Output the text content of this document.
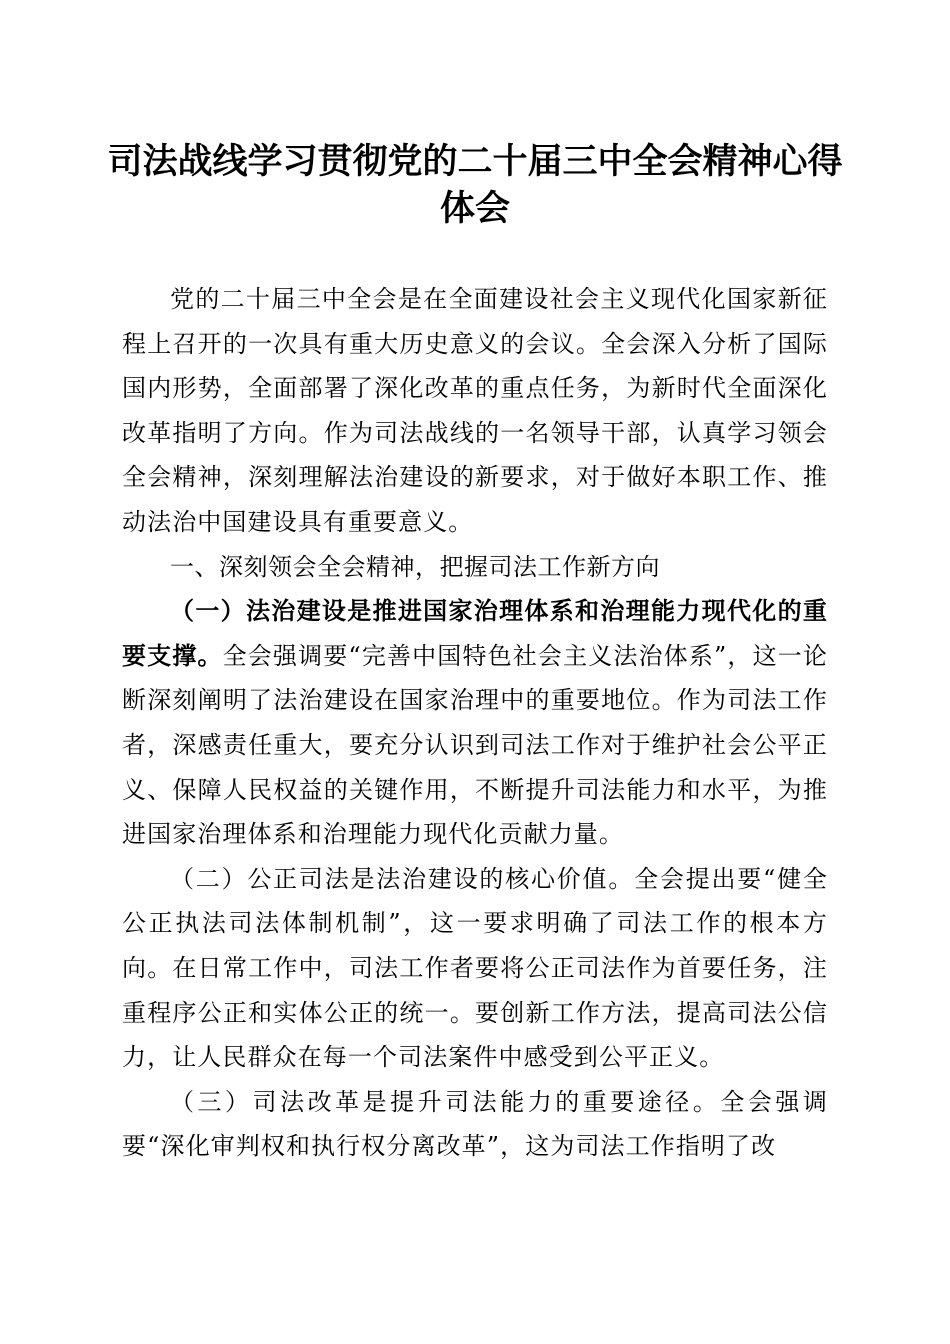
司法战线学习贯彻党的二十届三中全会精神心得体会

党的二十届三中全会是在全面建设社会主义现代化国家新征程上召开的一次具有重大历史意义的会议。全会深入分析了国际国内形势，全面部署了深化改革的重点任务，为新时代全面深化改革指明了方向。作为司法战线的一名领导干部，认真学习领会全会精神，深刻理解法治建设的新要求，对于做好本职工作、推动法治中国建设具有重要意义。

一、深刻领会全会精神，把握司法工作新方向

（一）法治建设是推进国家治理体系和治理能力现代化的重要支撑。全会强调要“完善中国特色社会主义法治体系”，这一论断深刻阐明了法治建设在国家治理中的重要地位。作为司法工作者，深感责任重大，要充分认识到司法工作对于维护社会公平正义、保障人民权益的关键作用，不断提升司法能力和水平，为推进国家治理体系和治理能力现代化贡献力量。

（二）公正司法是法治建设的核心价值。全会提出要“健全公正执法司法体制机制”，这一要求明确了司法工作的根本方向。在日常工作中，司法工作者要将公正司法作为首要任务，注重程序公正和实体公正的统一。要创新工作方法，提高司法公信力，让人民群众在每一个司法案件中感受到公平正义。

（三）司法改革是提升司法能力的重要途径。全会强调要“深化审判权和执行权分离改革”，这为司法工作指明了改
